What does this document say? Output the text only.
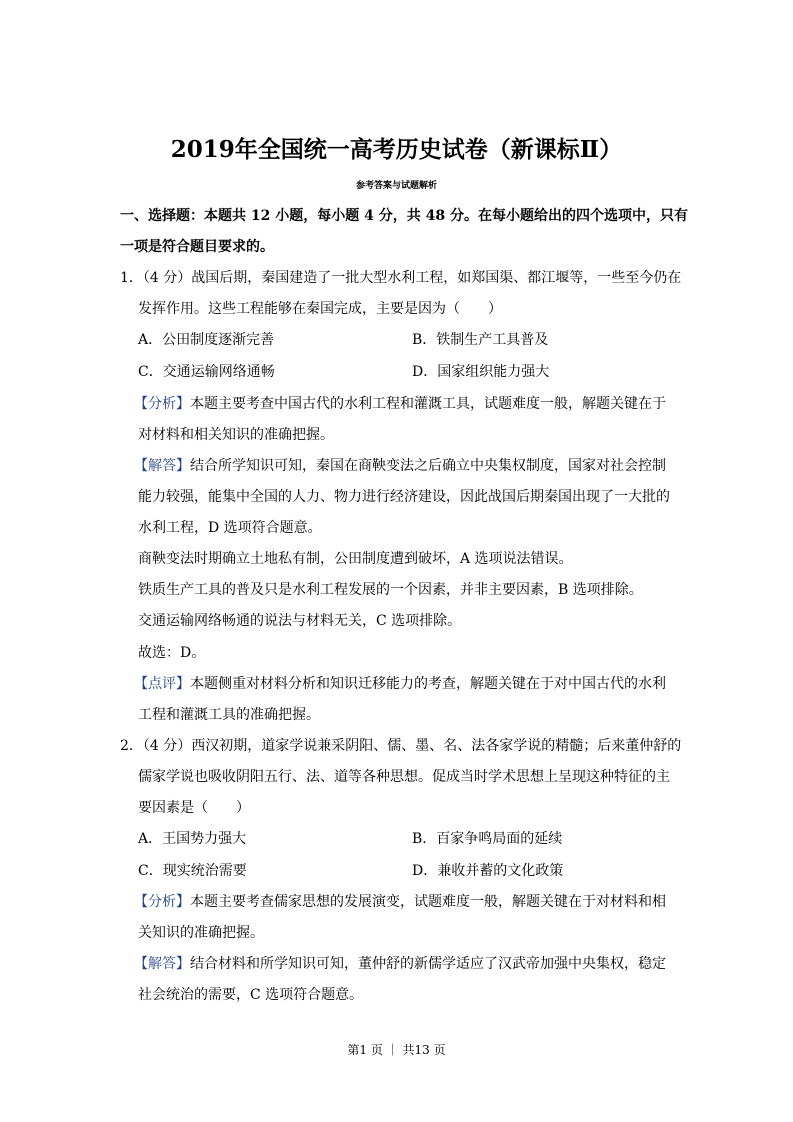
2019年全国统一高考历史试卷（新课标Ⅱ）
参考答案与试题解析
一、选择题：本题共 12 小题，每小题 4 分，共 48 分。在每小题给出的四个选项中，只有
一项是符合题目要求的。
1．（4 分）战国后期，秦国建造了一批大型水利工程，如郑国渠、都江堰等，一些至今仍在
发挥作用。这些工程能够在秦国完成，主要是因为（　　）
A．公田制度逐渐完善	B．铁制生产工具普及
C．交通运输网络通畅	D．国家组织能力强大
【分析】本题主要考查中国古代的水利工程和灌溉工具，试题难度一般，解题关键在于
对材料和相关知识的准确把握。
【解答】结合所学知识可知，秦国在商鞅变法之后确立中央集权制度，国家对社会控制
能力较强，能集中全国的人力、物力进行经济建设，因此战国后期秦国出现了一大批的
水利工程，D 选项符合题意。
商鞅变法时期确立土地私有制，公田制度遭到破坏，A 选项说法错误。
铁质生产工具的普及只是水利工程发展的一个因素，并非主要因素，B 选项排除。
交通运输网络畅通的说法与材料无关，C 选项排除。
故选：D。
【点评】本题侧重对材料分析和知识迁移能力的考查，解题关键在于对中国古代的水利
工程和灌溉工具的准确把握。
2．（4 分）西汉初期，道家学说兼采阴阳、儒、墨、名、法各家学说的精髓；后来董仲舒的
儒家学说也吸收阴阳五行、法、道等各种思想。促成当时学术思想上呈现这种特征的主
要因素是（　　）
A．王国势力强大	B．百家争鸣局面的延续
C．现实统治需要	D．兼收并蓄的文化政策
【分析】本题主要考查儒家思想的发展演变，试题难度一般，解题关键在于对材料和相
关知识的准确把握。
【解答】结合材料和所学知识可知，董仲舒的新儒学适应了汉武帝加强中央集权，稳定
社会统治的需要，C 选项符合题意。
第1 页 ｜ 共13 页
